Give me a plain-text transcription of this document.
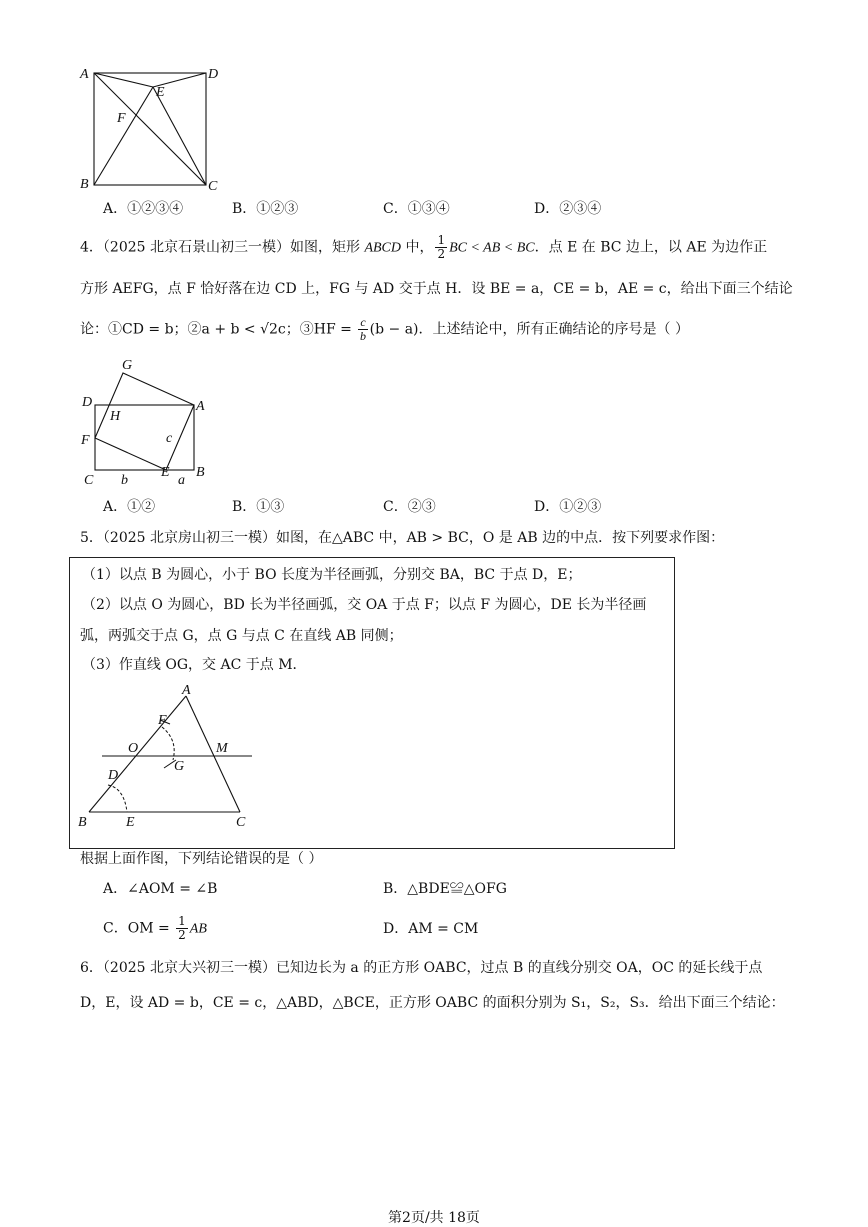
A	D
E
F
B	C
A．①②③④	B．①②③	C．①③④	D．②③④
4．（2025 北京石景山初三一模）如图，矩形 ABCD 中， $\frac{1}{2}$ BC < AB < BC．点 E 在 BC 边上，以 AE 为边作正
方形 AEFG，点 F 恰好落在边 CD 上，FG 与 AD 交于点 H．设 BE = a，CE = b，AE = c，给出下面三个结论
论：①CD = b；②a + b < √2c；③HF = $\frac{c}{b} (b - a)$．上述结论中，所有正确结论的序号是（ ）
G
D
H
A
F	c
C b
E
a
B
A．①②	B．①③	C．②③	D．①②③
5．（2025 北京房山初三一模）如图，在△ABC 中，AB > BC，O 是 AB 边的中点．按下列要求作图：
（1）以点 B 为圆心，小于 BO 长度为半径画弧，分别交 BA，BC 于点 D，E；
（2）以点 O 为圆心，BD 长为半径画弧，交 OA 于点 F；以点 F 为圆心，DE 长为半径画
弧，两弧交于点 G，点 G 与点 C 在直线 AB 同侧；
（3）作直线 OG，交 AC 于点 M．
A
F
O	M
G
D
B	E	C
根据上面作图，下列结论错误的是（ ）
A．∠AOM = ∠B	B．△BDE≌△OFG
C．OM = $\frac{1}{2}$ AB	D．AM = CM
6．（2025 北京大兴初三一模）已知边长为 a 的正方形 OABC，过点 B 的直线分别交 OA，OC 的延长线于点
D，E，设 AD = b，CE = c，△ABD，△BCE，正方形 OABC 的面积分别为 S₁，S₂，S₃．给出下面三个结论：
第2页/共 18页
